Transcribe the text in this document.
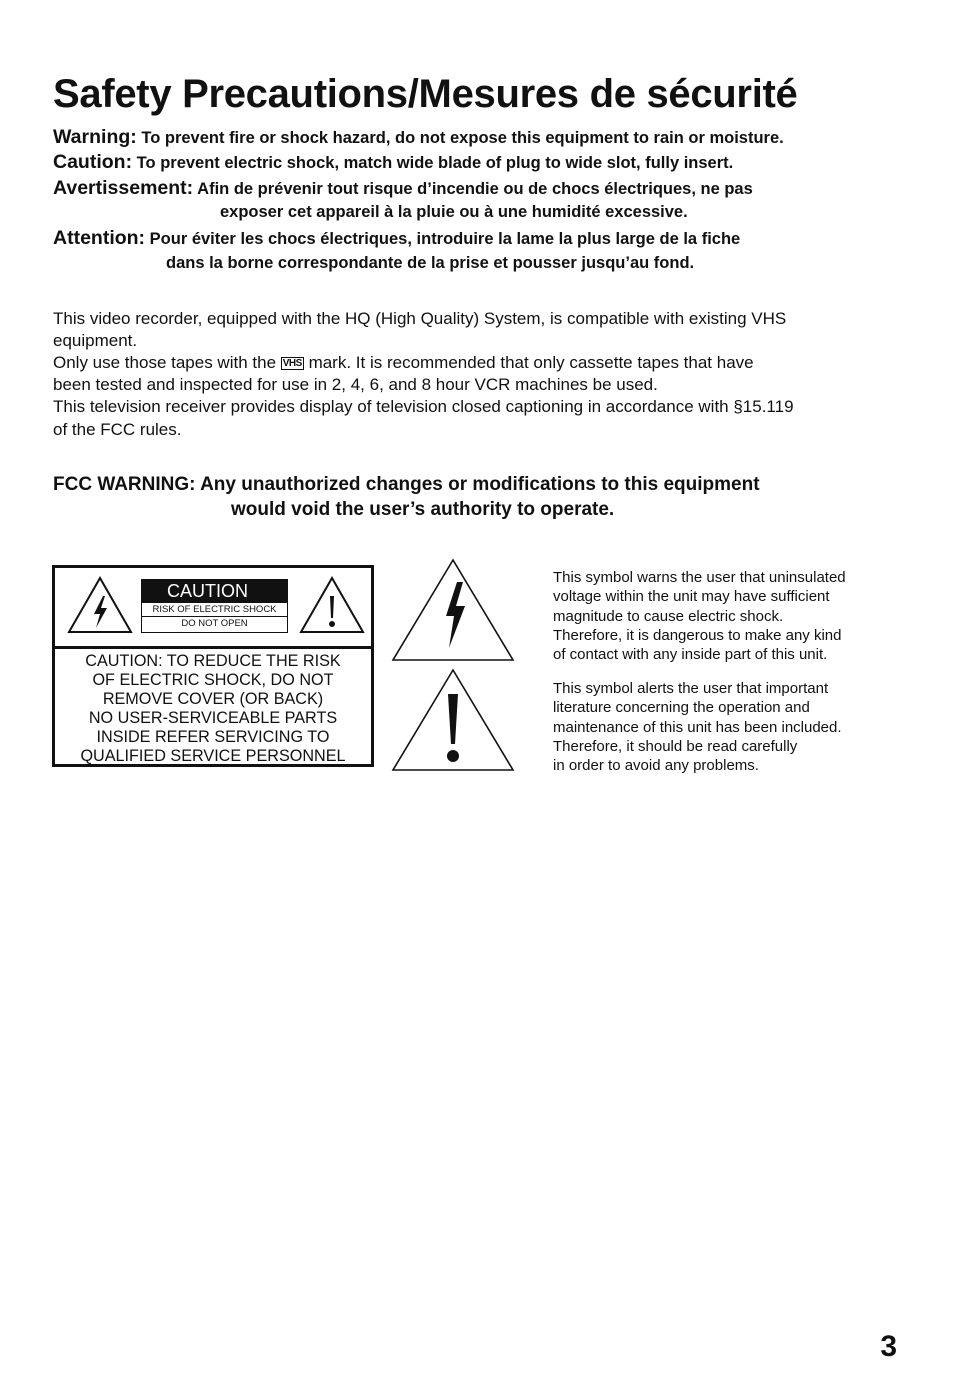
Safety Precautions/Mesures de sécurité
Warning: To prevent fire or shock hazard, do not expose this equipment to rain or moisture.
Caution: To prevent electric shock, match wide blade of plug to wide slot, fully insert.
Avertissement: Afin de prévenir tout risque d’incendie ou de chocs électriques, ne pas
exposer cet appareil à la pluie ou à une humidité excessive.
Attention: Pour éviter les chocs électriques, introduire la lame la plus large de la fiche
dans la borne correspondante de la prise et pousser jusqu’au fond.
This video recorder, equipped with the HQ (High Quality) System, is compatible with existing VHS
equipment.
Only use those tapes with the VHS mark. It is recommended that only cassette tapes that have
been tested and inspected for use in 2, 4, 6, and 8 hour VCR machines be used.
This television receiver provides display of television closed captioning in accordance with §15.119
of the FCC rules.
FCC WARNING: Any unauthorized changes or modifications to this equipment
would void the user’s authority to operate.
CAUTION
RISK OF ELECTRIC SHOCK
DO NOT OPEN
CAUTION: TO REDUCE THE RISK
OF ELECTRIC SHOCK, DO NOT
REMOVE COVER (OR BACK)
NO USER-SERVICEABLE PARTS
INSIDE REFER SERVICING TO
QUALIFIED SERVICE PERSONNEL
This symbol warns the user that uninsulated
voltage within the unit may have sufficient
magnitude to cause electric shock.
Therefore, it is dangerous to make any kind
of contact with any inside part of this unit.
This symbol alerts the user that important
literature concerning the operation and
maintenance of this unit has been included.
Therefore, it should be read carefully
in order to avoid any problems.
3
